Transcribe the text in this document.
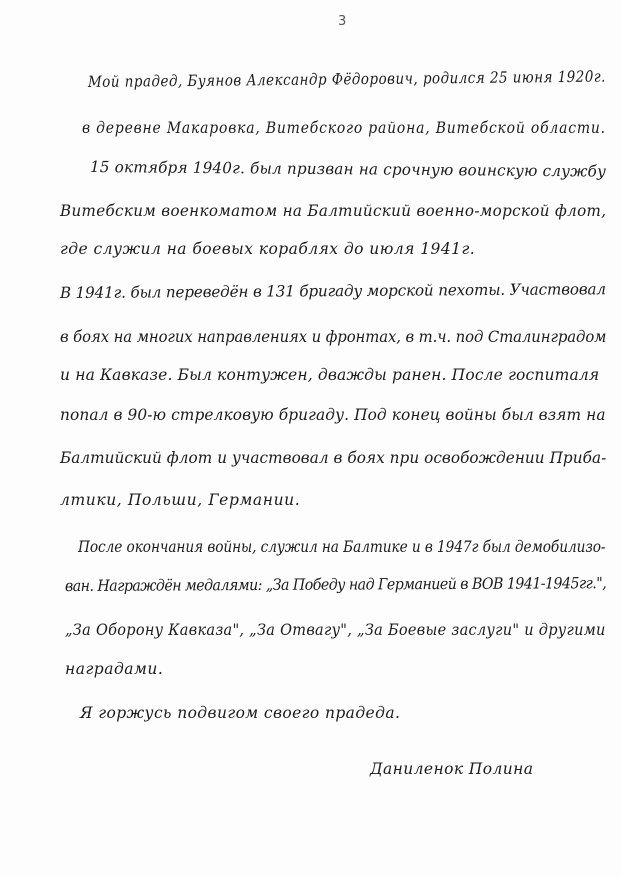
3
Мой прадед, Буянов Александр Фёдорович, родился 25 июня 1920г.
в деревне Макаровка, Витебского района, Витебской области.
15 октября 1940г. был призван на срочную воинскую службу
Витебским военкоматом на Балтийский военно-морской флот,
где служил на боевых кораблях до июля 1941г.
В 1941г. был переведён в 131 бригаду морской пехоты. Участвовал
в боях на многих направлениях и фронтах, в т.ч. под Сталинградом
и на Кавказе. Был контужен, дважды ранен. После госпиталя
попал в 90-ю стрелковую бригаду. Под конец войны был взят на
Балтийский флот и участвовал в боях при освобождении Приба-
лтики, Польши, Германии.
После окончания войны, служил на Балтике и в 1947г был демобилизо-
ван. Награждён медалями: „За Победу над Германией в ВОВ 1941-1945гг.",
„За Оборону Кавказа", „За Отвагу", „За Боевые заслуги" и другими
наградами.
Я горжусь подвигом своего прадеда.
Даниленок Полина
